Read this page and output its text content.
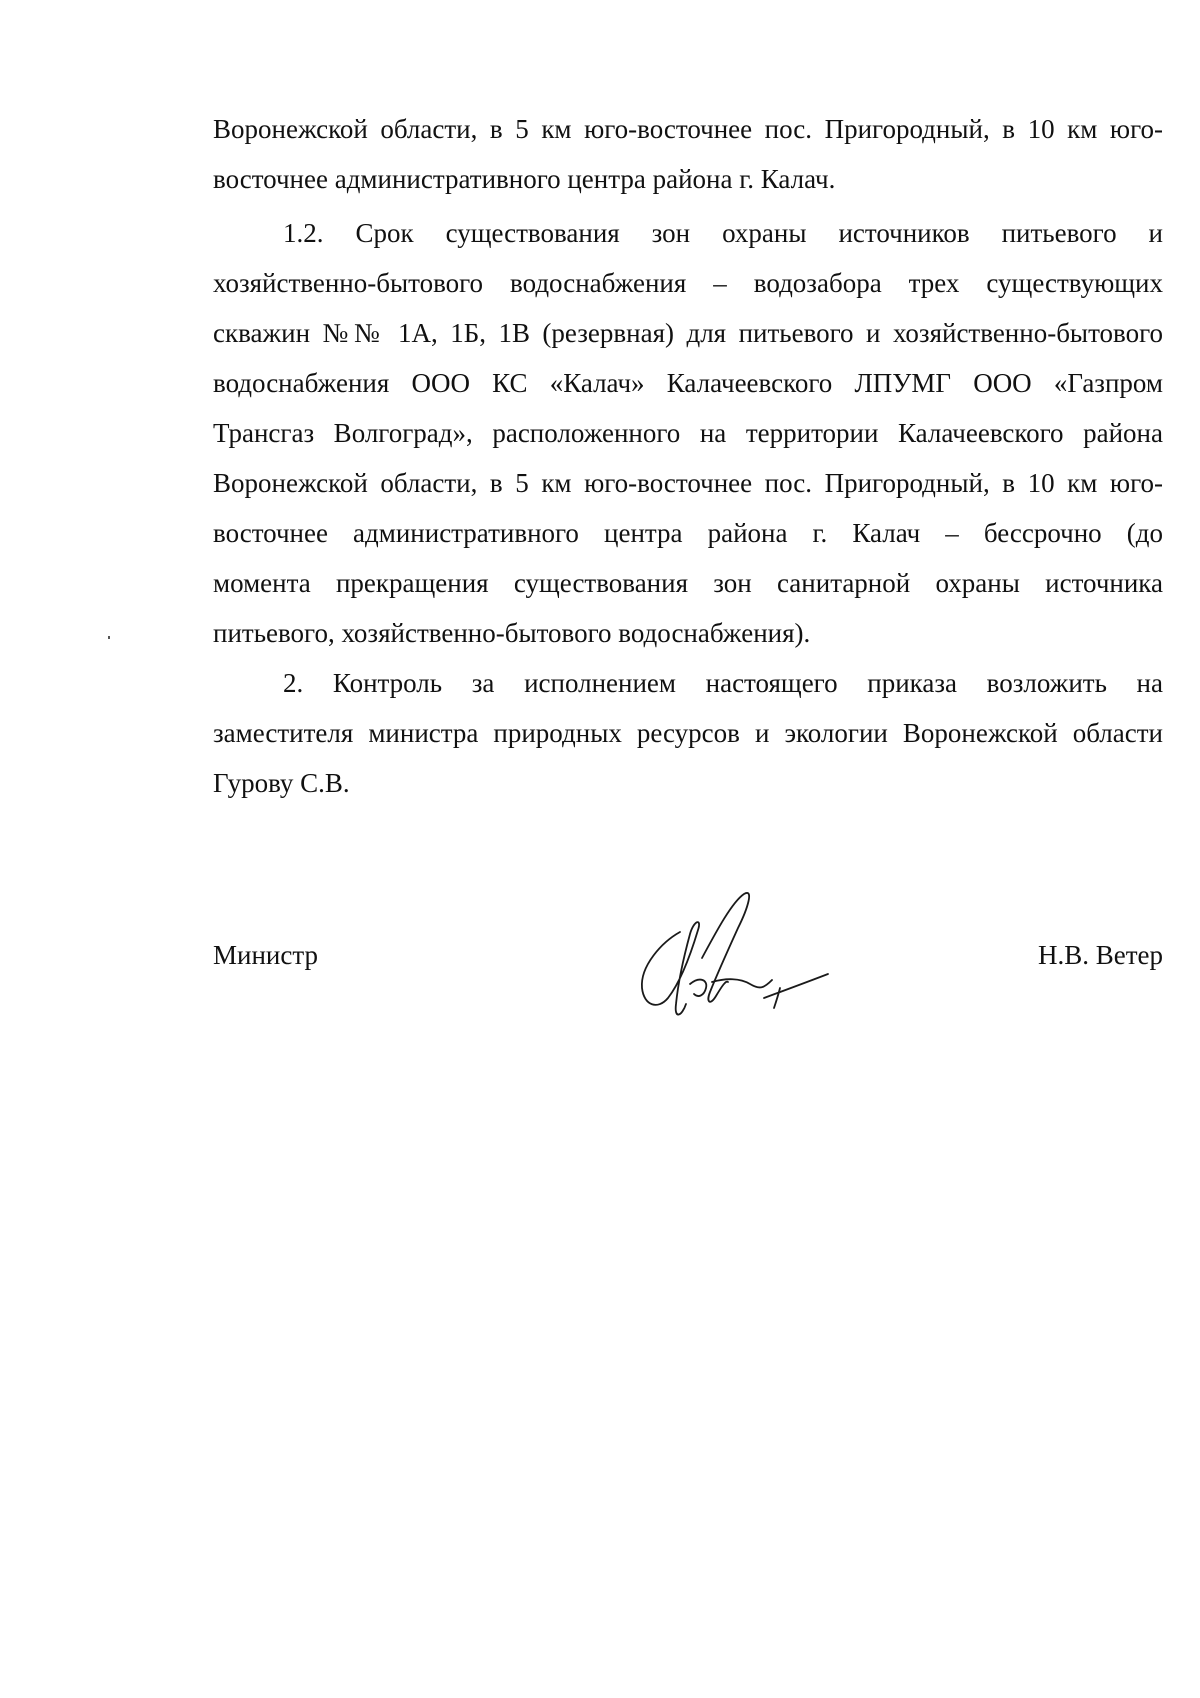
Воронежской области, в 5 км юго-восточнее пос. Пригородный, в 10 км юго-
восточнее административного центра района г. Калач.
1.2. Срок существования зон охраны источников питьевого и
хозяйственно-бытового водоснабжения – водозабора трех существующих
скважин №№ 1А, 1Б, 1В (резервная) для питьевого и хозяйственно-бытового
водоснабжения ООО КС «Калач» Калачеевского ЛПУМГ ООО «Газпром
Трансгаз Волгоград», расположенного на территории Калачеевского района
Воронежской области, в 5 км юго-восточнее пос. Пригородный, в 10 км юго-
восточнее административного центра района г. Калач – бессрочно (до
момента прекращения существования зон санитарной охраны источника
питьевого, хозяйственно-бытового водоснабжения).
2. Контроль за исполнением настоящего приказа возложить на
заместителя министра природных ресурсов и экологии Воронежской области
Гурову С.В.
Министр	Н.В. Ветер
